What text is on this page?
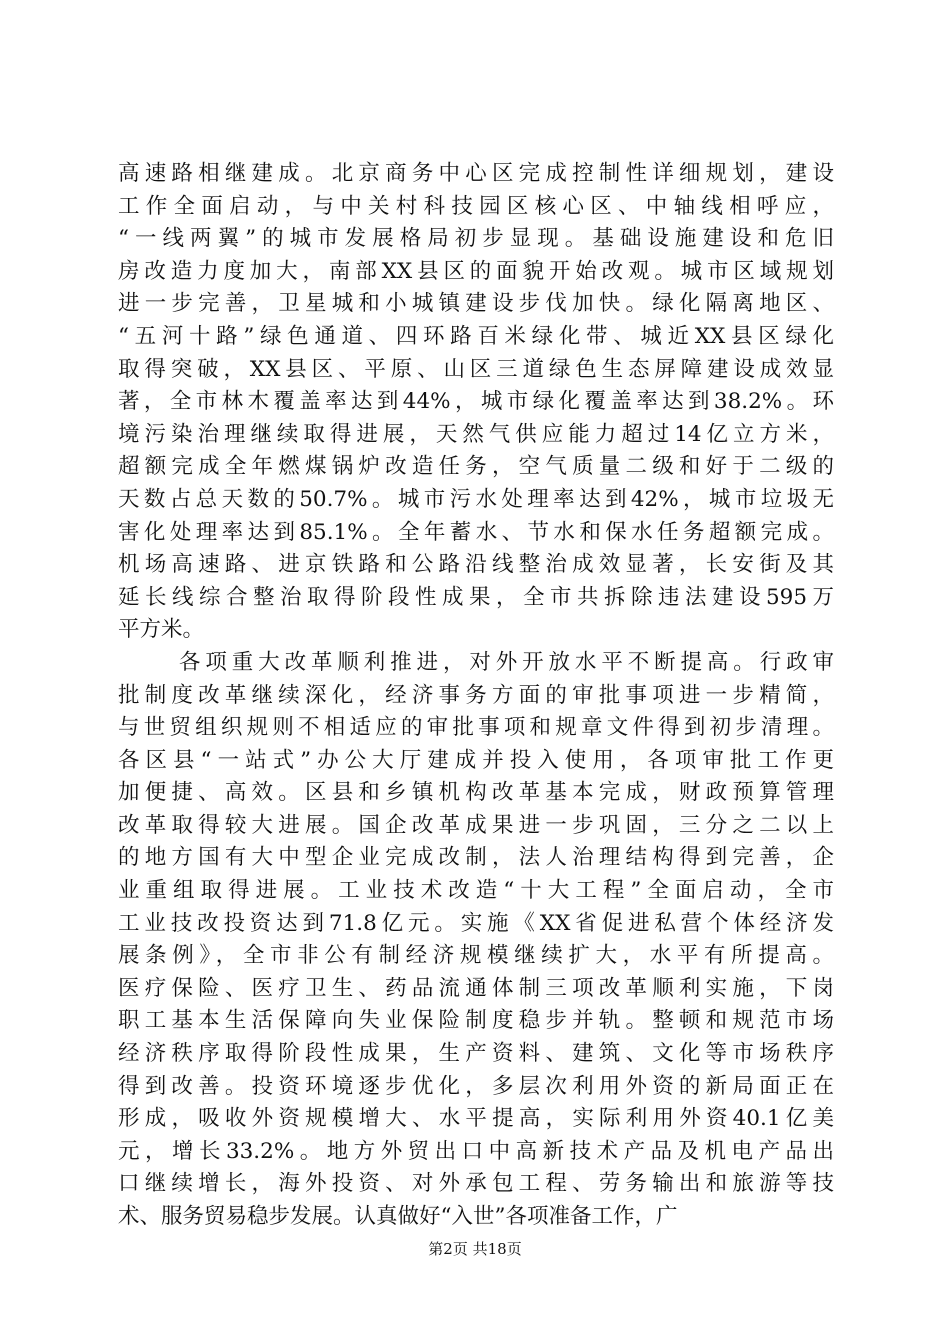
高速路相继建成。北京商务中心区完成控制性详细规划，建设
工作全面启动，与中关村科技园区核心区、中轴线相呼应，
“一线两翼”的城市发展格局初步显现。基础设施建设和危旧
房改造力度加大，南部XX县区的面貌开始改观。城市区域规划
进一步完善，卫星城和小城镇建设步伐加快。绿化隔离地区、
“五河十路”绿色通道、四环路百米绿化带、城近XX县区绿化
取得突破，XX县区、平原、山区三道绿色生态屏障建设成效显
著，全市林木覆盖率达到44%，城市绿化覆盖率达到38.2%。环
境污染治理继续取得进展，天然气供应能力超过14亿立方米，
超额完成全年燃煤锅炉改造任务，空气质量二级和好于二级的
天数占总天数的50.7%。城市污水处理率达到42%，城市垃圾无
害化处理率达到85.1%。全年蓄水、节水和保水任务超额完成。
机场高速路、进京铁路和公路沿线整治成效显著，长安街及其
延长线综合整治取得阶段性成果，全市共拆除违法建设595万
平方米。
各项重大改革顺利推进，对外开放水平不断提高。行政审
批制度改革继续深化，经济事务方面的审批事项进一步精简，
与世贸组织规则不相适应的审批事项和规章文件得到初步清理。
各区县“一站式”办公大厅建成并投入使用，各项审批工作更
加便捷、高效。区县和乡镇机构改革基本完成，财政预算管理
改革取得较大进展。国企改革成果进一步巩固，三分之二以上
的地方国有大中型企业完成改制，法人治理结构得到完善，企
业重组取得进展。工业技术改造“十大工程”全面启动，全市
工业技改投资达到71.8亿元。实施《XX省促进私营个体经济发
展条例》，全市非公有制经济规模继续扩大，水平有所提高。
医疗保险、医疗卫生、药品流通体制三项改革顺利实施，下岗
职工基本生活保障向失业保险制度稳步并轨。整顿和规范市场
经济秩序取得阶段性成果，生产资料、建筑、文化等市场秩序
得到改善。投资环境逐步优化，多层次利用外资的新局面正在
形成，吸收外资规模增大、水平提高，实际利用外资40.1亿美
元，增长33.2%。地方外贸出口中高新技术产品及机电产品出
口继续增长，海外投资、对外承包工程、劳务输出和旅游等技
术、服务贸易稳步发展。认真做好“入世”各项准备工作，广
第2页 共18页
